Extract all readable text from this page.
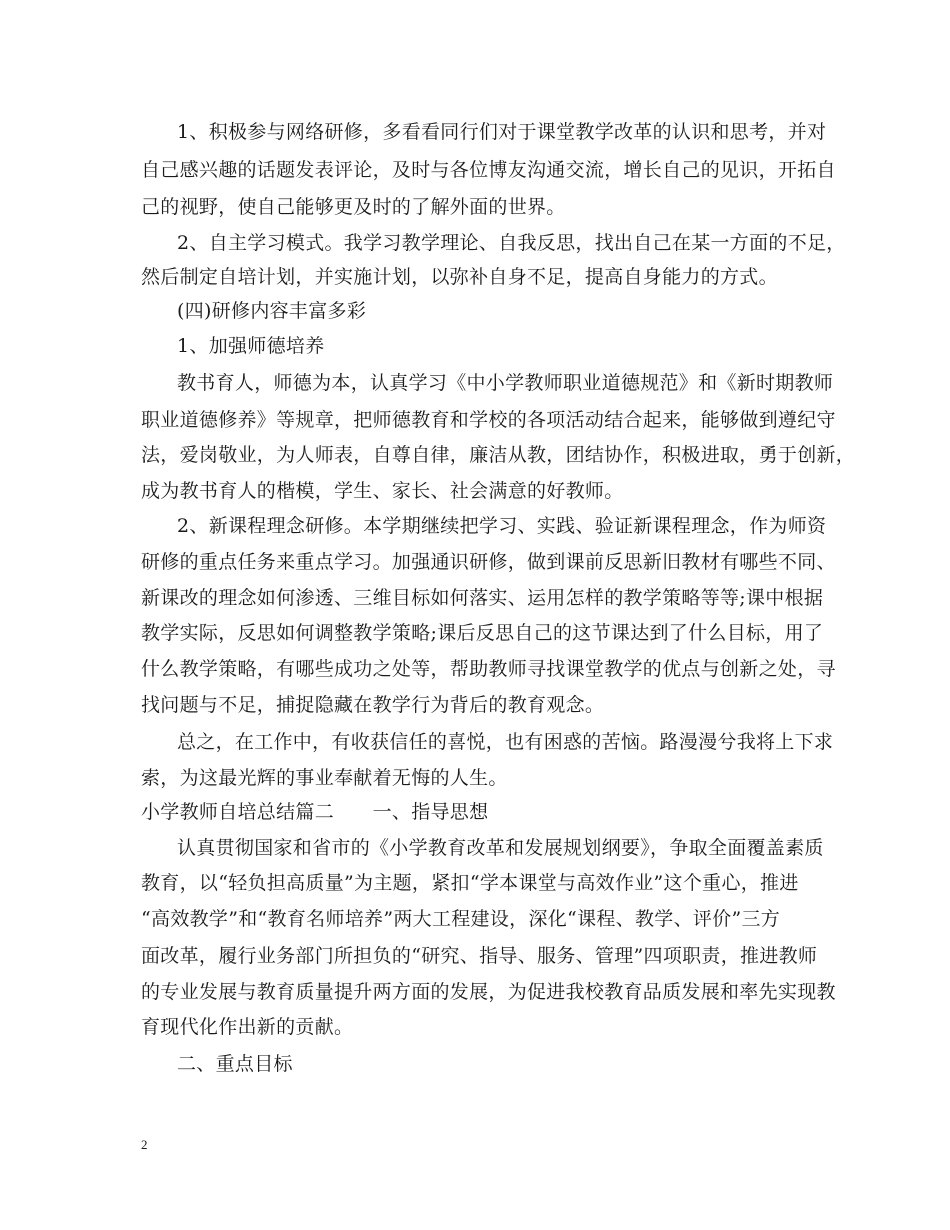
1、积极参与网络研修，多看看同行们对于课堂教学改革的认识和思考，并对
自己感兴趣的话题发表评论，及时与各位博友沟通交流，增长自己的见识，开拓自
己的视野，使自己能够更及时的了解外面的世界。
2、自主学习模式。我学习教学理论、自我反思，找出自己在某一方面的不足，
然后制定自培计划，并实施计划，以弥补自身不足，提高自身能力的方式。
(四)研修内容丰富多彩
1、加强师德培养
教书育人，师德为本，认真学习《中小学教师职业道德规范》和《新时期教师
职业道德修养》等规章，把师德教育和学校的各项活动结合起来，能够做到遵纪守
法，爱岗敬业，为人师表，自尊自律，廉洁从教，团结协作，积极进取，勇于创新，
成为教书育人的楷模，学生、家长、社会满意的好教师。
2、新课程理念研修。本学期继续把学习、实践、验证新课程理念，作为师资
研修的重点任务来重点学习。加强通识研修，做到课前反思新旧教材有哪些不同、
新课改的理念如何渗透、三维目标如何落实、运用怎样的教学策略等等;课中根据
教学实际，反思如何调整教学策略;课后反思自己的这节课达到了什么目标，用了
什么教学策略，有哪些成功之处等，帮助教师寻找课堂教学的优点与创新之处，寻
找问题与不足，捕捉隐藏在教学行为背后的教育观念。
总之，在工作中，有收获信任的喜悦，也有困惑的苦恼。路漫漫兮我将上下求
索，为这最光辉的事业奉献着无悔的人生。
小学教师自培总结篇二　　一、指导思想
认真贯彻国家和省市的《小学教育改革和发展规划纲要》，争取全面覆盖素质
教育，以“轻负担高质量”为主题，紧扣“学本课堂与高效作业”这个重心，推进
“高效教学”和“教育名师培养”两大工程建设，深化“课程、教学、评价”三方
面改革，履行业务部门所担负的“研究、指导、服务、管理”四项职责，推进教师
的专业发展与教育质量提升两方面的发展，为促进我校教育品质发展和率先实现教
育现代化作出新的贡献。
二、重点目标
2
